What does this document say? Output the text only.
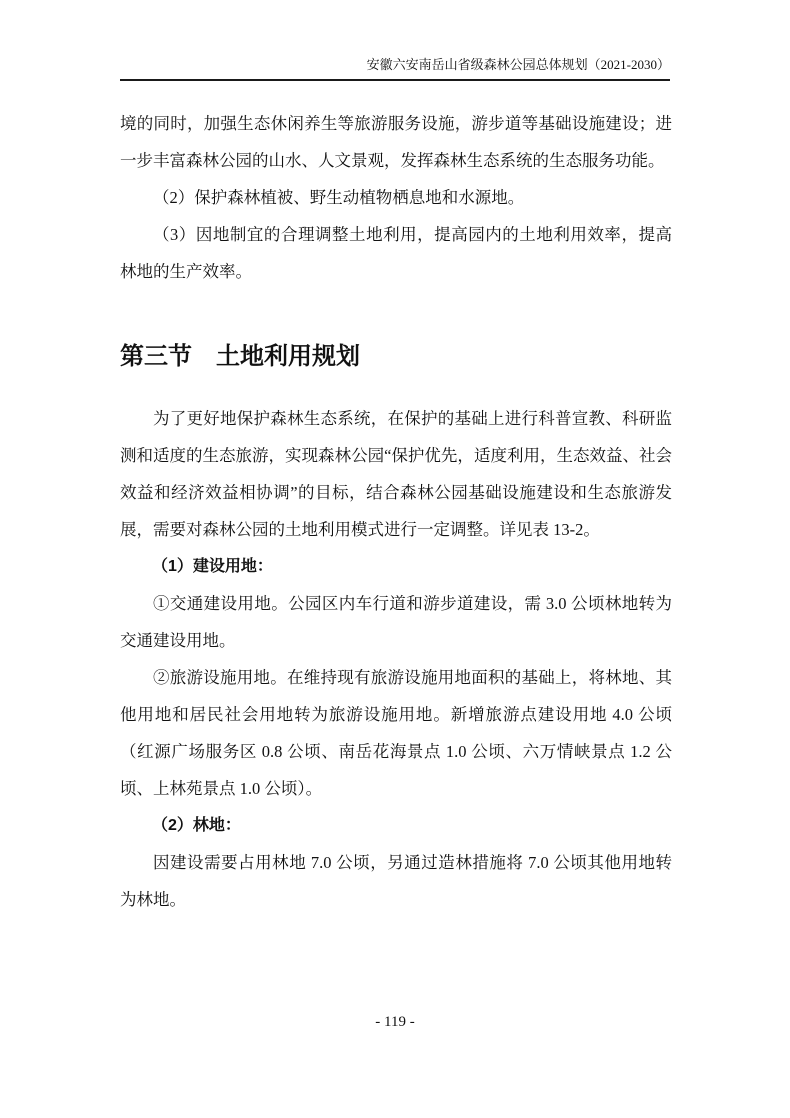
安徽六安南岳山省级森林公园总体规划（2021-2030）

境的同时，加强生态休闲养生等旅游服务设施，游步道等基础设施建设；进一步丰富森林公园的山水、人文景观，发挥森林生态系统的生态服务功能。

（2）保护森林植被、野生动植物栖息地和水源地。

（3）因地制宜的合理调整土地利用，提高园内的土地利用效率，提高林地的生产效率。

第三节　土地利用规划

为了更好地保护森林生态系统，在保护的基础上进行科普宣教、科研监测和适度的生态旅游，实现森林公园“保护优先，适度利用，生态效益、社会效益和经济效益相协调”的目标，结合森林公园基础设施建设和生态旅游发展，需要对森林公园的土地利用模式进行一定调整。详见表 13-2。

（1）建设用地：

①交通建设用地。公园区内车行道和游步道建设，需 3.0 公顷林地转为交通建设用地。

②旅游设施用地。在维持现有旅游设施用地面积的基础上，将林地、其他用地和居民社会用地转为旅游设施用地。新增旅游点建设用地 4.0 公顷（红源广场服务区 0.8 公顷、南岳花海景点 1.0 公顷、六万情峡景点 1.2 公顷、上林苑景点 1.0 公顷）。

（2）林地：

因建设需要占用林地 7.0 公顷，另通过造林措施将 7.0 公顷其他用地转为林地。

- 119 -
